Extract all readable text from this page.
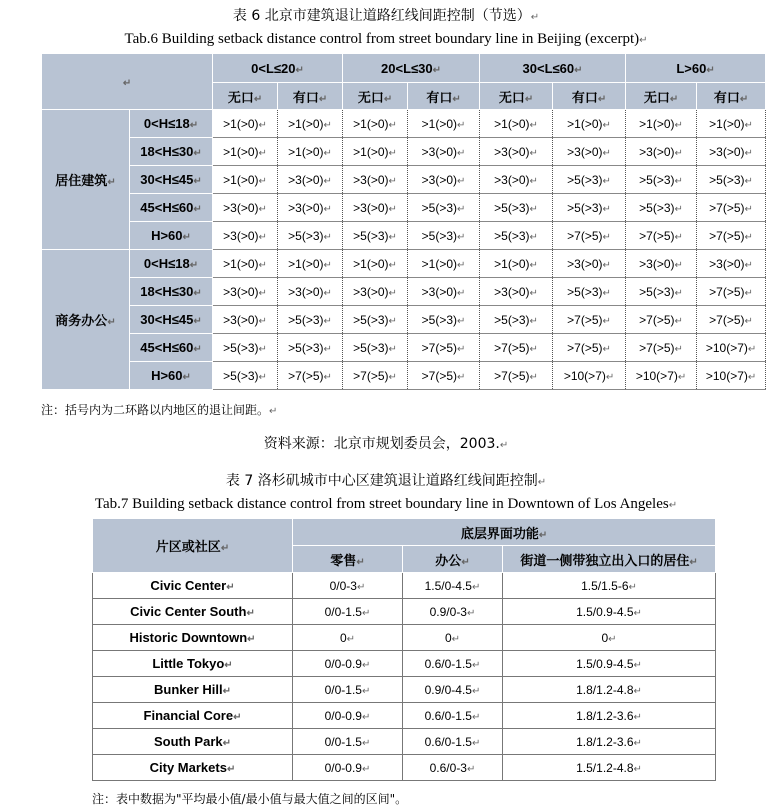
表 6 北京市建筑退让道路红线间距控制（节选）↵
Tab.6 Building setback distance control from street boundary line in Beijing (excerpt)↵
↵		0<L≤20↵		20<L≤30↵		30<L≤60↵		L>60↵	
		无口↵	有口↵	无口↵	有口↵	无口↵	有口↵	无口↵	有口↵
居住建筑↵	0<H≤18↵	>1(>0)↵	>1(>0)↵	>1(>0)↵	>1(>0)↵	>1(>0)↵	>1(>0)↵	>1(>0)↵	>1(>0)↵
	18<H≤30↵	>1(>0)↵	>1(>0)↵	>1(>0)↵	>3(>0)↵	>3(>0)↵	>3(>0)↵	>3(>0)↵	>3(>0)↵
	30<H≤45↵	>1(>0)↵	>3(>0)↵	>3(>0)↵	>3(>0)↵	>3(>0)↵	>5(>3)↵	>5(>3)↵	>5(>3)↵
	45<H≤60↵	>3(>0)↵	>3(>0)↵	>3(>0)↵	>5(>3)↵	>5(>3)↵	>5(>3)↵	>5(>3)↵	>7(>5)↵
	H>60↵	>3(>0)↵	>5(>3)↵	>5(>3)↵	>5(>3)↵	>5(>3)↵	>7(>5)↵	>7(>5)↵	>7(>5)↵
商务办公↵	0<H≤18↵	>1(>0)↵	>1(>0)↵	>1(>0)↵	>1(>0)↵	>1(>0)↵	>3(>0)↵	>3(>0)↵	>3(>0)↵
	18<H≤30↵	>3(>0)↵	>3(>0)↵	>3(>0)↵	>3(>0)↵	>3(>0)↵	>5(>3)↵	>5(>3)↵	>7(>5)↵
	30<H≤45↵	>3(>0)↵	>5(>3)↵	>5(>3)↵	>5(>3)↵	>5(>3)↵	>7(>5)↵	>7(>5)↵	>7(>5)↵
	45<H≤60↵	>5(>3)↵	>5(>3)↵	>5(>3)↵	>7(>5)↵	>7(>5)↵	>7(>5)↵	>7(>5)↵	>10(>7)↵
	H>60↵	>5(>3)↵	>7(>5)↵	>7(>5)↵	>7(>5)↵	>7(>5)↵	>10(>7)↵	>10(>7)↵	>10(>7)↵
注：括号内为二环路以内地区的退让间距。↵
资料来源：北京市规划委员会，2003.↵
表 7 洛杉矶城市中心区建筑退让道路红线间距控制↵
Tab.7 Building setback distance control from street boundary line in Downtown of Los Angeles↵
片区或社区↵	底层界面功能↵		
	零售↵	办公↵	街道一侧带独立出入口的居住↵
Civic Center↵	0/0-3↵	1.5/0-4.5↵	1.5/1.5-6↵
Civic Center South↵	0/0-1.5↵	0.9/0-3↵	1.5/0.9-4.5↵
Historic Downtown↵	0↵	0↵	0↵
Little Tokyo↵	0/0-0.9↵	0.6/0-1.5↵	1.5/0.9-4.5↵
Bunker Hill↵	0/0-1.5↵	0.9/0-4.5↵	1.8/1.2-4.8↵
Financial Core↵	0/0-0.9↵	0.6/0-1.5↵	1.8/1.2-3.6↵
South Park↵	0/0-1.5↵	0.6/0-1.5↵	1.8/1.2-3.6↵
City Markets↵	0/0-0.9↵	0.6/0-3↵	1.5/1.2-4.8↵
注：表中数据为"平均最小值/最小值与最大值之间的区间"。
